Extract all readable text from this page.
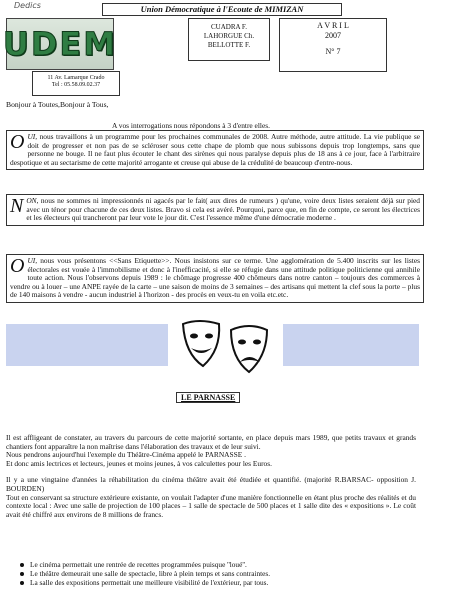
Dedics	Union Démocratique à l'Ecoute de MIMIZAN
UDEM	CUADRA F.
LAHORGUE Ch.
BELLOTTE F.
A V R I L
2007
N° 7
11 Av. Lamarque Crado
Tel : 05.58.09.02.37
Bonjour à Toutes,Bonjour à Tous,
A vos interrogations nous répondons à 3 d'entre elles.
OUI, nous travaillons à un programme pour les prochaines communales de 2008. Autre méthode, autre attitude. La vie publique se doit de progresser et non pas de se scléroser sous cette chape de plomb que nous subissons depuis trop longtemps, sans que personne ne bouge. Il ne faut plus écouter le chant des sirènes qui nous paralyse depuis plus de 18 ans à ce jour, face à l'arbitraire despotique et au sectarisme de cette majorité arrogante et creuse qui abuse de la crédulité de beaucoup d'entre-nous.
NON, nous ne sommes ni impressionnés ni agacés par le fait( aux dires de rumeurs ) qu'une, voire deux listes seraient déjà sur pied avec un ténor pour chacune de ces deux listes. Bravo si cela est avéré. Pourquoi, parce que, en fin de compte, ce seront les électrices et les électeurs qui trancheront par leur vote le jour dit. C'est l'essence même d'une démocratie moderne .
OUI, nous vous présentons <<Sans Etiquette>>. Nous insistons sur ce terme. Une agglomération de 5.400 inscrits sur les listes électorales est vouée à l'immobilisme et donc à l'inefficacité, si elle se réfugie dans une attitude politique politicienne qui annihile toute action. Nous l'observons depuis 1989 : le chômage progresse 400 chômeurs dans notre canton – toujours des commerces à vendre ou à louer – une ANPE rayée de la carte – une saison de moins de 3 semaines – des artisans qui mettent la clef sous la porte – plus de 140 maisons à vendre - aucun industriel à l'horizon - des procès en veux-tu en voila etc.etc.
LE PARNASSE
Il est affligeant de constater, au travers du parcours de cette majorité sortante, en place depuis mars 1989, que petits travaux et grands chantiers font apparaître la non maîtrise dans l'élaboration des travaux et de leur suivi.
Nous pendrons aujourd'hui l'exemple du Théâtre-Cinéma appelé le PARNASSE .
Et donc amis lectrices et lecteurs, jeunes et moins jeunes, à vos calculettes pour les Euros.
Il y a une vingtaine d'années la réhabilitation du cinéma théâtre avait été étudiée et quantifié. (majorité R.BARSAC- opposition J. BOURDEN)
Tout en conservant sa structure extérieure existante, on voulait l'adapter d'une manière fonctionnelle en étant plus proche des réalités et du contexte local : Avec une salle de projection de 100 places – 1 salle de spectacle de 500 places et 1 salle dite des « expositions ». Le coût avait été chiffré aux environs de 8 millions de francs.
Le cinéma permettait une rentrée de recettes programmées puisque ''loué''.
Le théâtre demeurait une salle de spectacle, libre à plein temps et sans contraintes.
La salle des expositions permettait une meilleure visibilité de l'extérieur, par tous.
